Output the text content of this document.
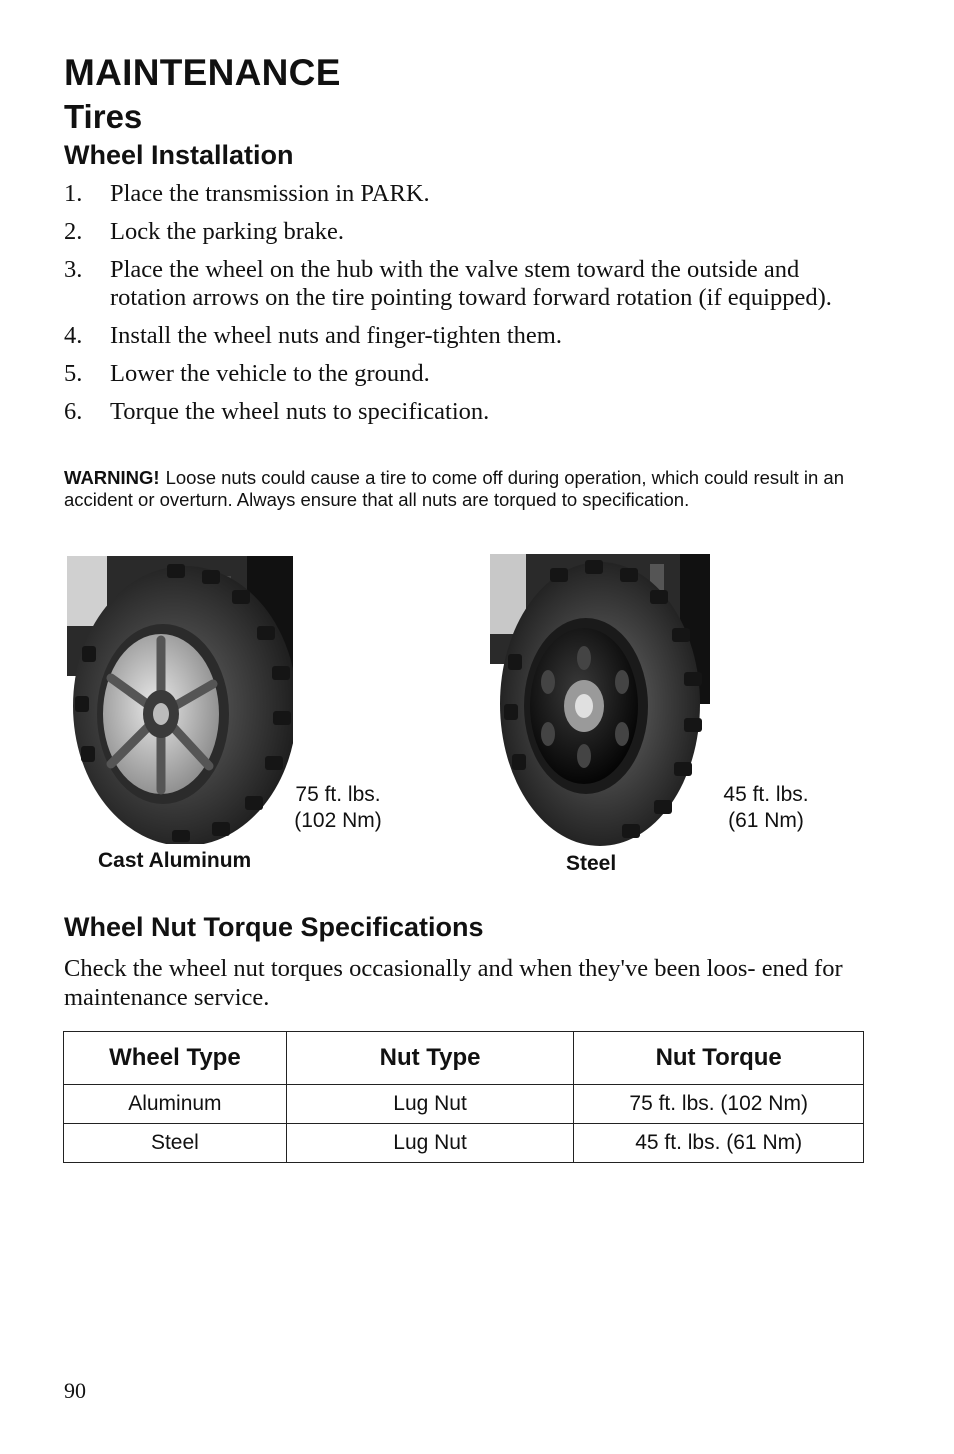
MAINTENANCE
Tires
Wheel Installation
1. Place the transmission in PARK.
2. Lock the parking brake.
3. Place the wheel on the hub with the valve stem toward the outside and rotation arrows on the tire pointing toward forward rotation (if equipped).
4. Install the wheel nuts and finger-tighten them.
5. Lower the vehicle to the ground.
6. Torque the wheel nuts to specification.
WARNING! Loose nuts could cause a tire to come off during operation, which could result in an accident or overturn. Always ensure that all nuts are torqued to specification.
75 ft. lbs.
(102 Nm)
45 ft. lbs.
(61 Nm)
Cast Aluminum	Steel
Wheel Nut Torque Specifications
Check the wheel nut torques occasionally and when they've been loos- ened for maintenance service.
Wheel Type	Nut Type	Nut Torque
Aluminum	Lug Nut	75 ft. lbs. (102 Nm)
Steel	Lug Nut	45 ft. lbs. (61 Nm)
90
